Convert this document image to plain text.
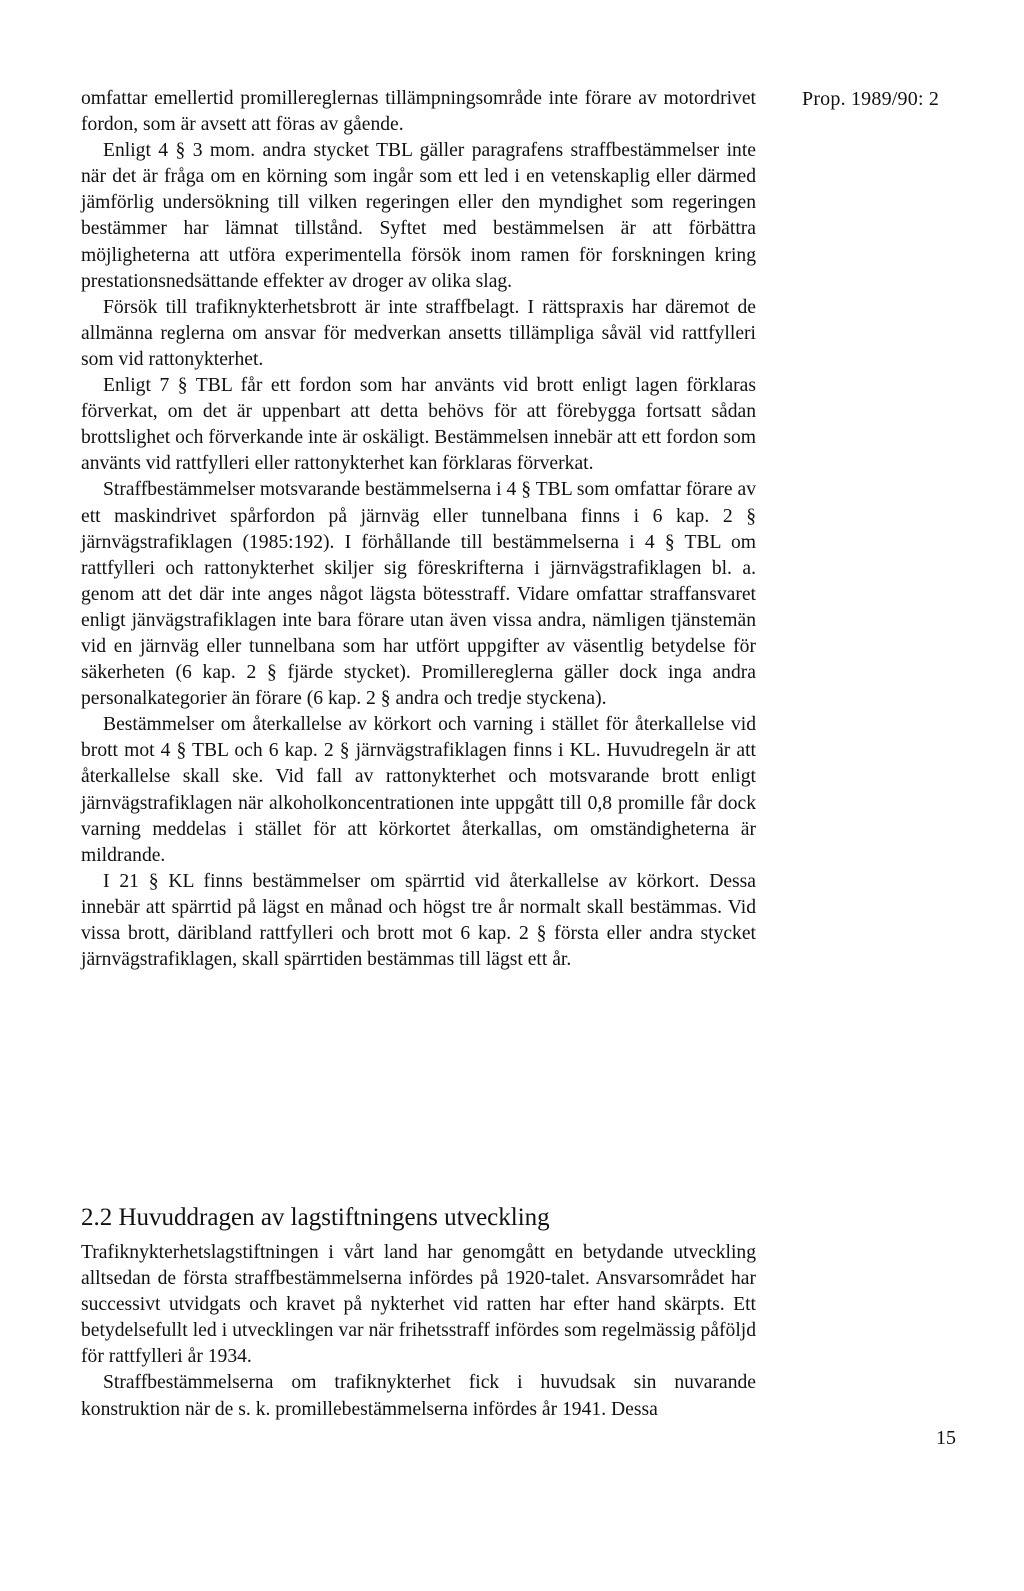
Prop. 1989/90: 2

omfattar emellertid promillereglernas tillämpningsområde inte förare av motordrivet fordon, som är avsett att föras av gående.

Enligt 4 § 3 mom. andra stycket TBL gäller paragrafens straffbestämmelser inte när det är fråga om en körning som ingår som ett led i en vetenskaplig eller därmed jämförlig undersökning till vilken regeringen eller den myndighet som regeringen bestämmer har lämnat tillstånd. Syftet med bestämmelsen är att förbättra möjligheterna att utföra experimentella försök inom ramen för forskningen kring prestationsnedsättande effekter av droger av olika slag.

Försök till trafiknykterhetsbrott är inte straffbelagt. I rättspraxis har däremot de allmänna reglerna om ansvar för medverkan ansetts tillämpliga såväl vid rattfylleri som vid rattonykterhet.

Enligt 7 § TBL får ett fordon som har använts vid brott enligt lagen förklaras förverkat, om det är uppenbart att detta behövs för att förebygga fortsatt sådan brottslighet och förverkande inte är oskäligt. Bestämmelsen innebär att ett fordon som använts vid rattfylleri eller rattonykterhet kan förklaras förverkat.

Straffbestämmelser motsvarande bestämmelserna i 4 § TBL som omfattar förare av ett maskindrivet spårfordon på järnväg eller tunnelbana finns i 6 kap. 2 § järnvägstrafiklagen (1985:192). I förhållande till bestämmelserna i 4 § TBL om rattfylleri och rattonykterhet skiljer sig föreskrifterna i järnvägstrafiklagen bl. a. genom att det där inte anges något lägsta bötesstraff. Vidare omfattar straffansvaret enligt jänvägstrafiklagen inte bara förare utan även vissa andra, nämligen tjänstemän vid en järnväg eller tunnelbana som har utfört uppgifter av väsentlig betydelse för säkerheten (6 kap. 2 § fjärde stycket). Promillereglerna gäller dock inga andra personalkategorier än förare (6 kap. 2 § andra och tredje styckena).

Bestämmelser om återkallelse av körkort och varning i stället för återkallelse vid brott mot 4 § TBL och 6 kap. 2 § järnvägstrafiklagen finns i KL. Huvudregeln är att återkallelse skall ske. Vid fall av rattonykterhet och motsvarande brott enligt järnvägstrafiklagen när alkoholkoncentrationen inte uppgått till 0,8 promille får dock varning meddelas i stället för att körkortet återkallas, om omständigheterna är mildrande.

I 21 § KL finns bestämmelser om spärrtid vid återkallelse av körkort. Dessa innebär att spärrtid på lägst en månad och högst tre år normalt skall bestämmas. Vid vissa brott, däribland rattfylleri och brott mot 6 kap. 2 § första eller andra stycket järnvägstrafiklagen, skall spärrtiden bestämmas till lägst ett år.

2.2 Huvuddragen av lagstiftningens utveckling

Trafiknykterhetslagstiftningen i vårt land har genomgått en betydande utveckling alltsedan de första straffbestämmelserna infördes på 1920-talet. Ansvarsområdet har successivt utvidgats och kravet på nykterhet vid ratten har efter hand skärpts. Ett betydelsefullt led i utvecklingen var när frihetsstraff infördes som regelmässig påföljd för rattfylleri år 1934.

Straffbestämmelserna om trafiknykterhet fick i huvudsak sin nuvarande konstruktion när de s. k. promillebestämmelserna infördes år 1941. Dessa

15
